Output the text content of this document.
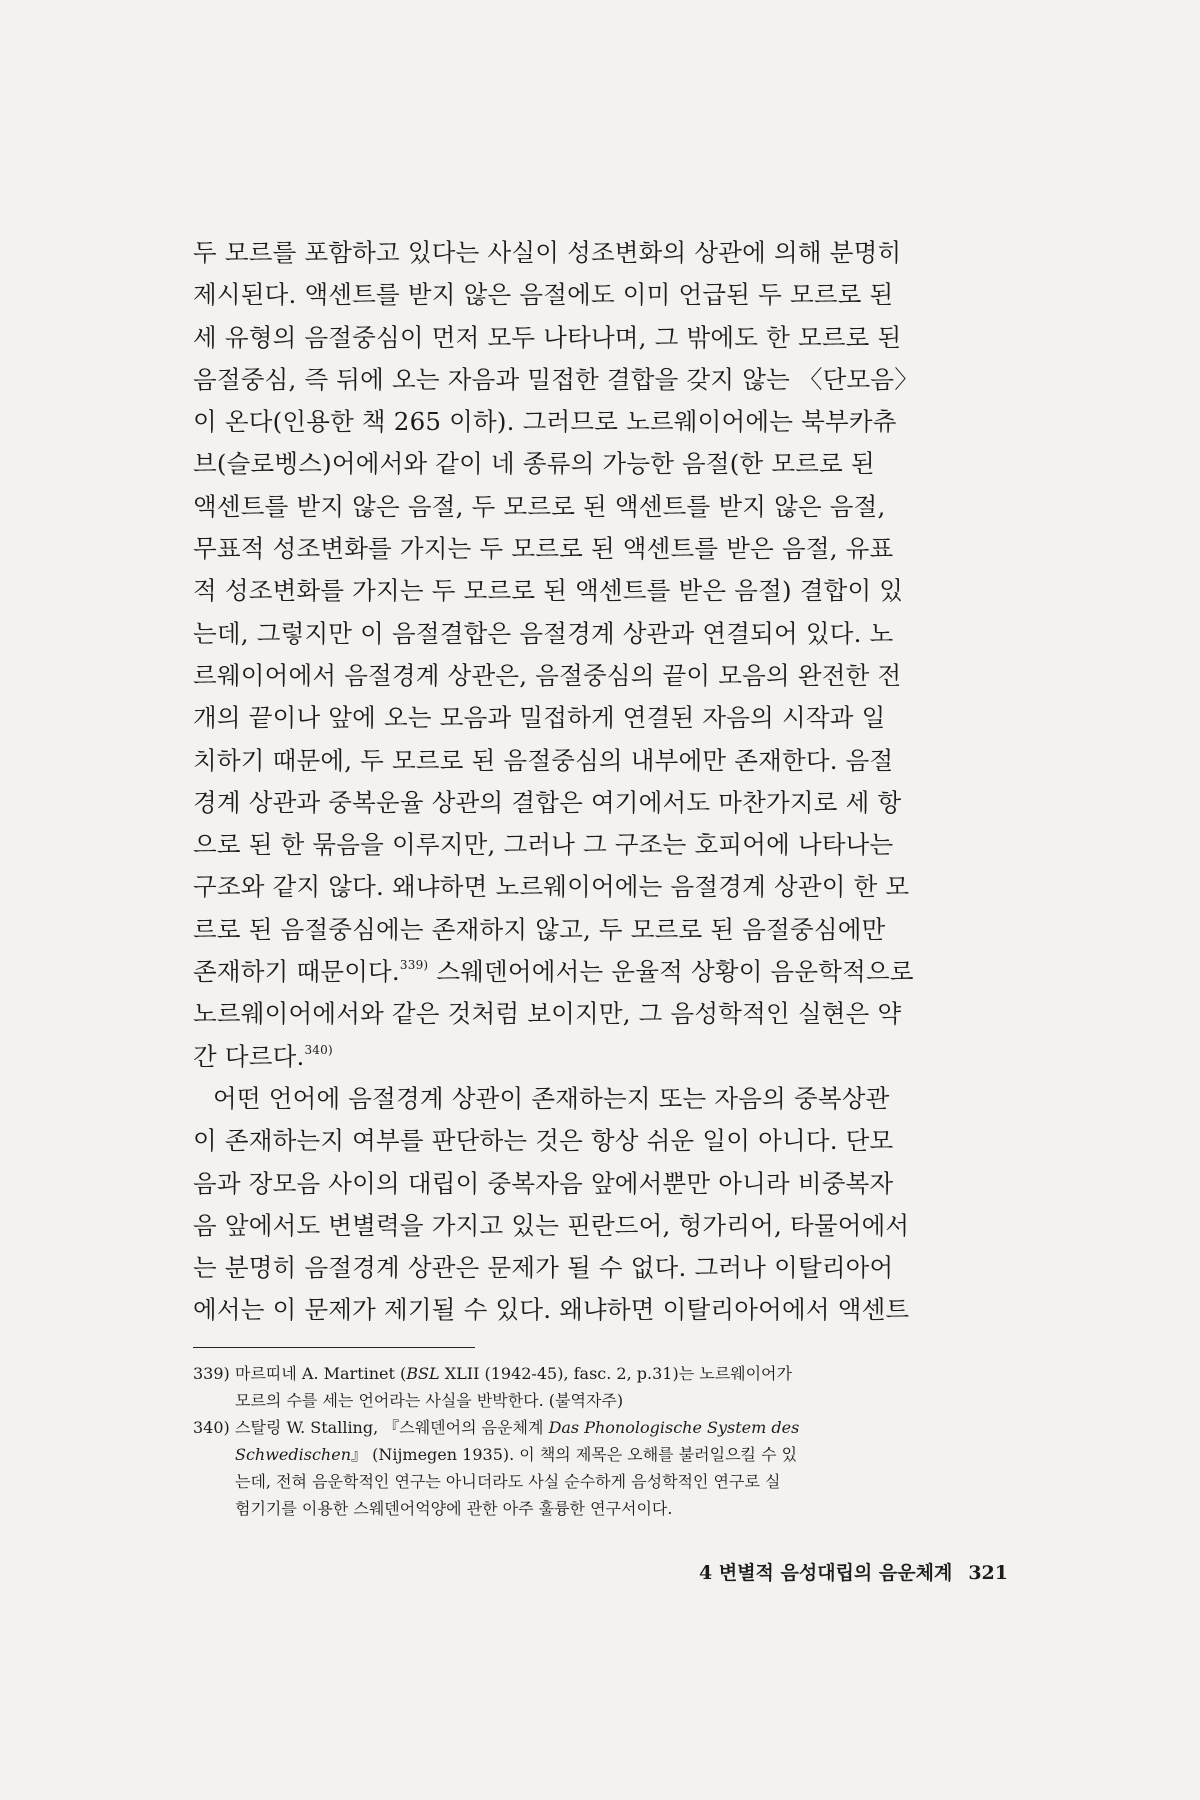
두 모르를 포함하고 있다는 사실이 성조변화의 상관에 의해 분명히
제시된다. 액센트를 받지 않은 음절에도 이미 언급된 두 모르로 된
세 유형의 음절중심이 먼저 모두 나타나며, 그 밖에도 한 모르로 된
음절중심, 즉 뒤에 오는 자음과 밀접한 결합을 갖지 않는 〈단모음〉
이 온다(인용한 책 265 이하). 그러므로 노르웨이어에는 북부카츄
브(슬로벵스)어에서와 같이 네 종류의 가능한 음절(한 모르로 된
액센트를 받지 않은 음절, 두 모르로 된 액센트를 받지 않은 음절,
무표적 성조변화를 가지는 두 모르로 된 액센트를 받은 음절, 유표
적 성조변화를 가지는 두 모르로 된 액센트를 받은 음절) 결합이 있
는데, 그렇지만 이 음절결합은 음절경계 상관과 연결되어 있다. 노
르웨이어에서 음절경계 상관은, 음절중심의 끝이 모음의 완전한 전
개의 끝이나 앞에 오는 모음과 밀접하게 연결된 자음의 시작과 일
치하기 때문에, 두 모르로 된 음절중심의 내부에만 존재한다. 음절
경계 상관과 중복운율 상관의 결합은 여기에서도 마찬가지로 세 항
으로 된 한 묶음을 이루지만, 그러나 그 구조는 호피어에 나타나는
구조와 같지 않다. 왜냐하면 노르웨이어에는 음절경계 상관이 한 모
르로 된 음절중심에는 존재하지 않고, 두 모르로 된 음절중심에만
존재하기 때문이다.$^{339)}$ 스웨덴어에서는 운율적 상황이 음운학적으로
노르웨이어에서와 같은 것처럼 보이지만, 그 음성학적인 실현은 약
간 다르다.$^{340)}$
어떤 언어에 음절경계 상관이 존재하는지 또는 자음의 중복상관
이 존재하는지 여부를 판단하는 것은 항상 쉬운 일이 아니다. 단모
음과 장모음 사이의 대립이 중복자음 앞에서뿐만 아니라 비중복자
음 앞에서도 변별력을 가지고 있는 핀란드어, 헝가리어, 타물어에서
는 분명히 음절경계 상관은 문제가 될 수 없다. 그러나 이탈리아어
에서는 이 문제가 제기될 수 있다. 왜냐하면 이탈리아어에서 액센트
339) 마르띠네 A. Martinet (BSL XLII (1942-45), fasc. 2, p.31)는 노르웨이어가
모르의 수를 세는 언어라는 사실을 반박한다. (불역자주)
340) 스탈링 W. Stalling, 『스웨덴어의 음운체계 Das Phonologische System des
Schwedischen』 (Nijmegen 1935). 이 책의 제목은 오해를 불러일으킬 수 있
는데, 전혀 음운학적인 연구는 아니더라도 사실 순수하게 음성학적인 연구로 실
험기기를 이용한 스웨덴어억양에 관한 아주 훌륭한 연구서이다.
4 변별적 음성대립의 음운체계 321
